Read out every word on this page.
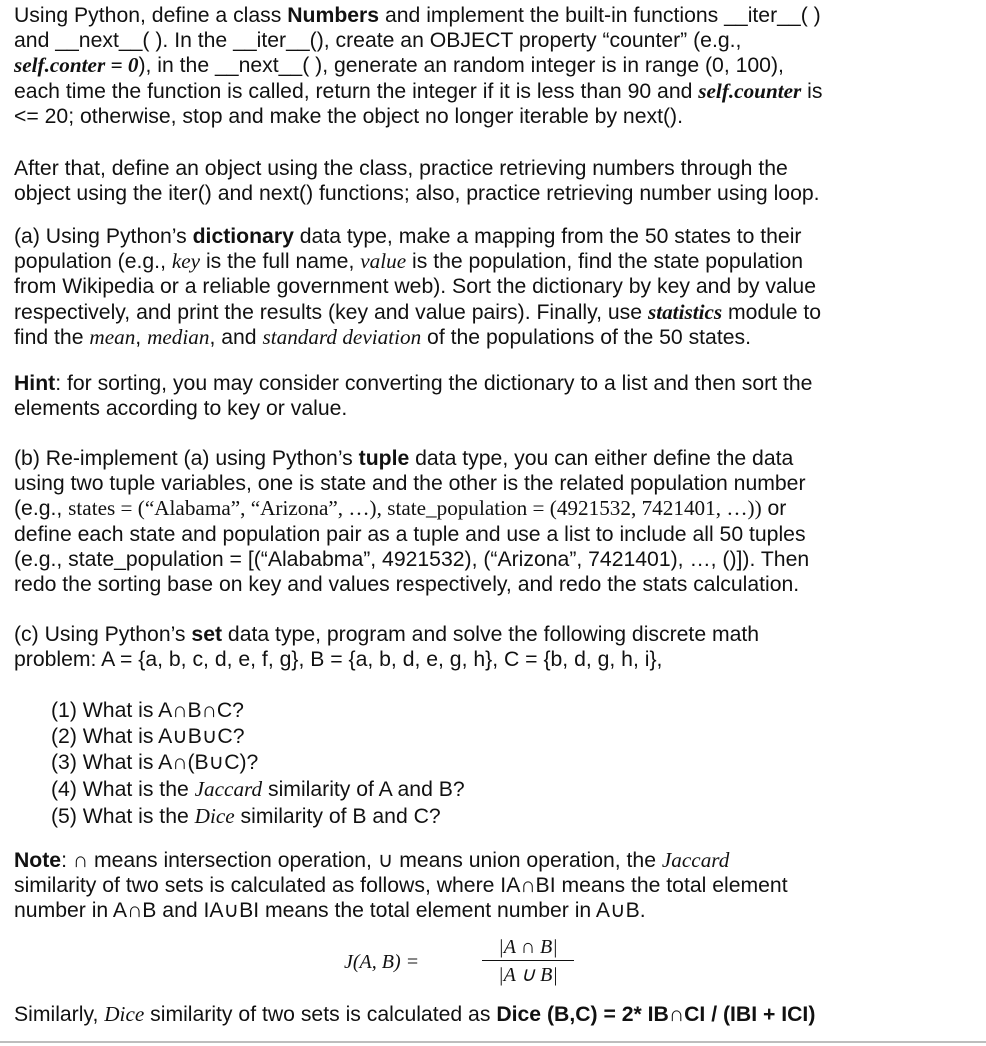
Using Python, define a class Numbers and implement the built-in functions __iter__( )

and __next__( ). In the __iter__(), create an OBJECT property “counter” (e.g.,

self.conter = 0), in the __next__( ), generate an random integer is in range (0, 100),

each time the function is called, return the integer if it is less than 90 and self.counter is

<= 20; otherwise, stop and make the object no longer iterable by next().

After that, define an object using the class, practice retrieving numbers through the

object using the iter() and next() functions; also, practice retrieving number using loop.

(a) Using Python’s dictionary data type, make a mapping from the 50 states to their

population (e.g., key is the full name, value is the population, find the state population

from Wikipedia or a reliable government web). Sort the dictionary by key and by value

respectively, and print the results (key and value pairs). Finally, use statistics module to

find the mean, median, and standard deviation of the populations of the 50 states.

Hint: for sorting, you may consider converting the dictionary to a list and then sort the

elements according to key or value.

(b) Re-implement (a) using Python’s tuple data type, you can either define the data

using two tuple variables, one is state and the other is the related population number

(e.g., states = (“Alabama”, “Arizona”, …), state_population = (4921532, 7421401, …)) or

define each state and population pair as a tuple and use a list to include all 50 tuples

(e.g., state_population = [(“Alababma”, 4921532), (“Arizona”, 7421401), …, ()]). Then

redo the sorting base on key and values respectively, and redo the stats calculation.

(c) Using Python’s set data type, program and solve the following discrete math

problem: A = {a, b, c, d, e, f, g}, B = {a, b, d, e, g, h}, C = {b, d, g, h, i},

(1) What is A∩B∩C?

(2) What is A∪B∪C?

(3) What is A∩(B∪C)?

(4) What is the Jaccard similarity of A and B?

(5) What is the Dice similarity of B and C?

Note: ∩ means intersection operation, ∪ means union operation, the Jaccard

similarity of two sets is calculated as follows, where IA∩BI means the total element

number in A∩B and IA∪BI means the total element number in A∪B.

J(A, B) =
|A ∩ B|
|A ∪ B|

Similarly, Dice similarity of two sets is calculated as Dice (B,C) = 2* IB∩CI / (IBI + ICI)
